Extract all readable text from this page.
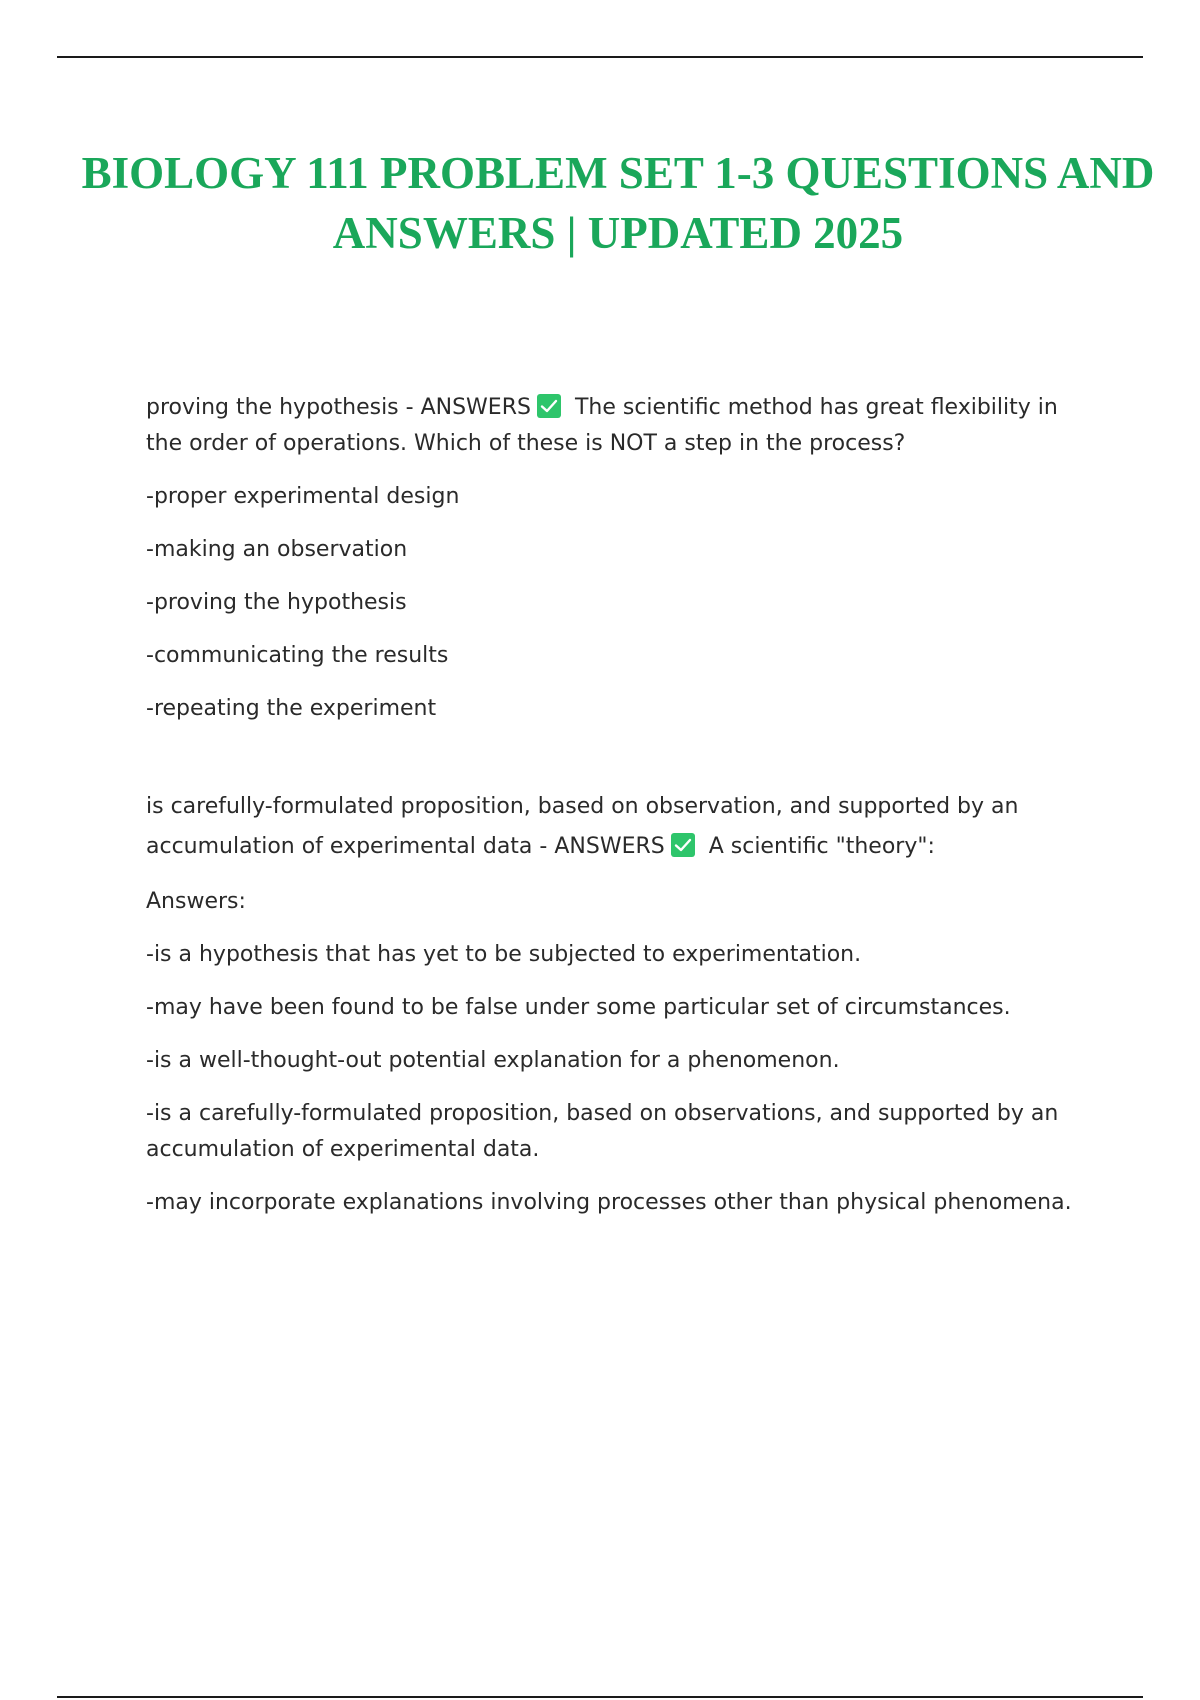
BIOLOGY 111 PROBLEM SET 1-3 QUESTIONS AND ANSWERS | UPDATED 2025

proving the hypothesis - ANSWERS The scientific method has great flexibility in the order of operations. Which of these is NOT a step in the process?

-proper experimental design

-making an observation

-proving the hypothesis

-communicating the results

-repeating the experiment

is carefully-formulated proposition, based on observation, and supported by an accumulation of experimental data - ANSWERS A scientific "theory":

Answers:

-is a hypothesis that has yet to be subjected to experimentation.

-may have been found to be false under some particular set of circumstances.

-is a well-thought-out potential explanation for a phenomenon.

-is a carefully-formulated proposition, based on observations, and supported by an accumulation of experimental data.

-may incorporate explanations involving processes other than physical phenomena.
